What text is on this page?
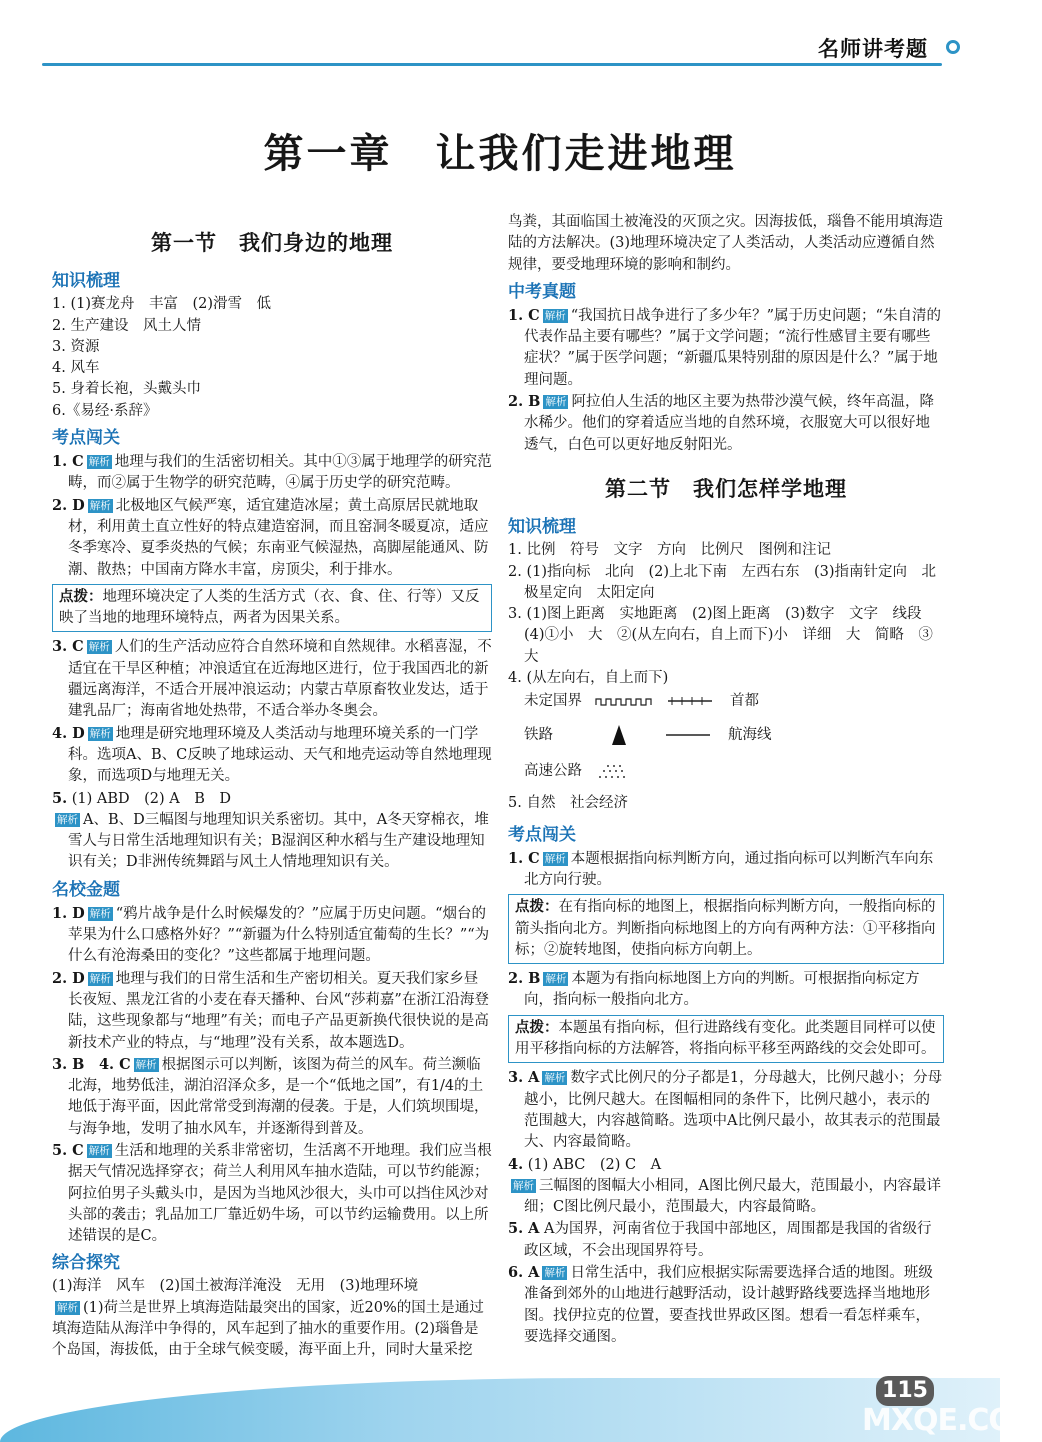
名师讲考题
第一章　让我们走进地理
第一节　我们身边的地理
知识梳理
1. (1)赛龙舟　丰富　(2)滑雪　低
2. 生产建设　风土人情
3. 资源
4. 风车
5. 身着长袍，头戴头巾
6.《易经·系辞》
考点闯关
1. C 解析 地理与我们的生活密切相关。其中①③属于地理学的研究范畴，而②属于生物学的研究范畴，④属于历史学的研究范畴。
2. D 解析 北极地区气候严寒，适宜建造冰屋；黄土高原居民就地取材，利用黄土直立性好的特点建造窑洞，而且窑洞冬暖夏凉，适应冬季寒冷、夏季炎热的气候；东南亚气候湿热，高脚屋能通风、防潮、散热；中国南方降水丰富，房顶尖，利于排水。
点拨：地理环境决定了人类的生活方式（衣、食、住、行等）又反映了当地的地理环境特点，两者为因果关系。
3. C 解析 人们的生产活动应符合自然环境和自然规律。水稻喜湿，不适宜在干旱区种植；冲浪适宜在近海地区进行，位于我国西北的新疆远离海洋，不适合开展冲浪运动；内蒙古草原畜牧业发达，适于建乳品厂；海南省地处热带，不适合举办冬奥会。
4. D 解析 地理是研究地理环境及人类活动与地理环境关系的一门学科。选项A、B、C反映了地球运动、天气和地壳运动等自然地理现象，而选项D与地理无关。
5. (1) ABD　(2) A　B　D
解析 A、B、D三幅图与地理知识关系密切。其中，A冬天穿棉衣，堆雪人与日常生活地理知识有关；B湿润区种水稻与生产建设地理知识有关；D非洲传统舞蹈与风土人情地理知识有关。
名校金题
1. D 解析 “鸦片战争是什么时候爆发的？”应属于历史问题。“烟台的苹果为什么口感格外好？”“新疆为什么特别适宜葡萄的生长？”“为什么有沧海桑田的变化？”这些都属于地理问题。
2. D 解析 地理与我们的日常生活和生产密切相关。夏天我们家乡昼长夜短、黑龙江省的小麦在春天播种、台风“莎莉嘉”在浙江沿海登陆，这些现象都与“地理”有关；而电子产品更新换代很快说的是高新技术产业的特点，与“地理”没有关系，故本题选D。
3. B　4. C 解析 根据图示可以判断，该图为荷兰的风车。荷兰濒临北海，地势低洼，湖泊沼泽众多，是一个“低地之国”，有1/4的土地低于海平面，因此常常受到海潮的侵袭。于是，人们筑坝围堤，与海争地，发明了抽水风车，并逐渐得到普及。
5. C 解析 生活和地理的关系非常密切，生活离不开地理。我们应当根据天气情况选择穿衣；荷兰人利用风车抽水造陆，可以节约能源；阿拉伯男子头戴头巾，是因为当地风沙很大，头巾可以挡住风沙对头部的袭击；乳品加工厂靠近奶牛场，可以节约运输费用。以上所述错误的是C。
综合探究
(1)海洋　风车　(2)国土被海洋淹没　无用　(3)地理环境
解析 (1)荷兰是世界上填海造陆最突出的国家，近20%的国土是通过填海造陆从海洋中争得的，风车起到了抽水的重要作用。(2)瑙鲁是个岛国，海拔低，由于全球气候变暖，海平面上升，同时大量采挖
鸟粪，其面临国土被淹没的灭顶之灾。因海拔低，瑙鲁不能用填海造陆的方法解决。(3)地理环境决定了人类活动，人类活动应遵循自然规律，要受地理环境的影响和制约。
中考真题
1. C 解析 “我国抗日战争进行了多少年？”属于历史问题；“朱自清的代表作品主要有哪些？”属于文学问题；“流行性感冒主要有哪些症状？”属于医学问题；“新疆瓜果特别甜的原因是什么？”属于地理问题。
2. B 解析 阿拉伯人生活的地区主要为热带沙漠气候，终年高温，降水稀少。他们的穿着适应当地的自然环境，衣服宽大可以很好地透气，白色可以更好地反射阳光。
第二节　我们怎样学地理
知识梳理
1. 比例　符号　文字　方向　比例尺　图例和注记
2. (1)指向标　北向　(2)上北下南　左西右东　(3)指南针定向　北极星定向　太阳定向
3. (1)图上距离　实地距离　(2)图上距离　(3)数字　文字　线段　(4)①小　大　②(从左向右，自上而下)小　详细　大　简略　③大
4. (从左向右，自上而下)
未定国界	首都
铁路	航海线
高速公路
5. 自然　社会经济
考点闯关
1. C 解析 本题根据指向标判断方向，通过指向标可以判断汽车向东北方向行驶。
点拨：在有指向标的地图上，根据指向标判断方向，一般指向标的箭头指向北方。判断指向标地图上的方向有两种方法：①平移指向标；②旋转地图，使指向标方向朝上。
2. B 解析 本题为有指向标地图上方向的判断。可根据指向标定方向，指向标一般指向北方。
点拨：本题虽有指向标，但行进路线有变化。此类题目同样可以使用平移指向标的方法解答，将指向标平移至两路线的交会处即可。
3. A 解析 数字式比例尺的分子都是1，分母越大，比例尺越小；分母越小，比例尺越大。在图幅相同的条件下，比例尺越小，表示的范围越大，内容越简略。选项中A比例尺最小，故其表示的范围最大、内容最简略。
4. (1) ABC　(2) C　A
解析 三幅图的图幅大小相同，A图比例尺最大，范围最小，内容最详细；C图比例尺最小，范围最大，内容最简略。
5. A A为国界，河南省位于我国中部地区，周围都是我国的省级行政区域，不会出现国界符号。
6. A 解析 日常生活中，我们应根据实际需要选择合适的地图。班级准备到郊外的山地进行越野活动，设计越野路线要选择当地地形图。找伊拉克的位置，要查找世界政区图。想看一看怎样乘车，要选择交通图。
115
MXQE.COM
